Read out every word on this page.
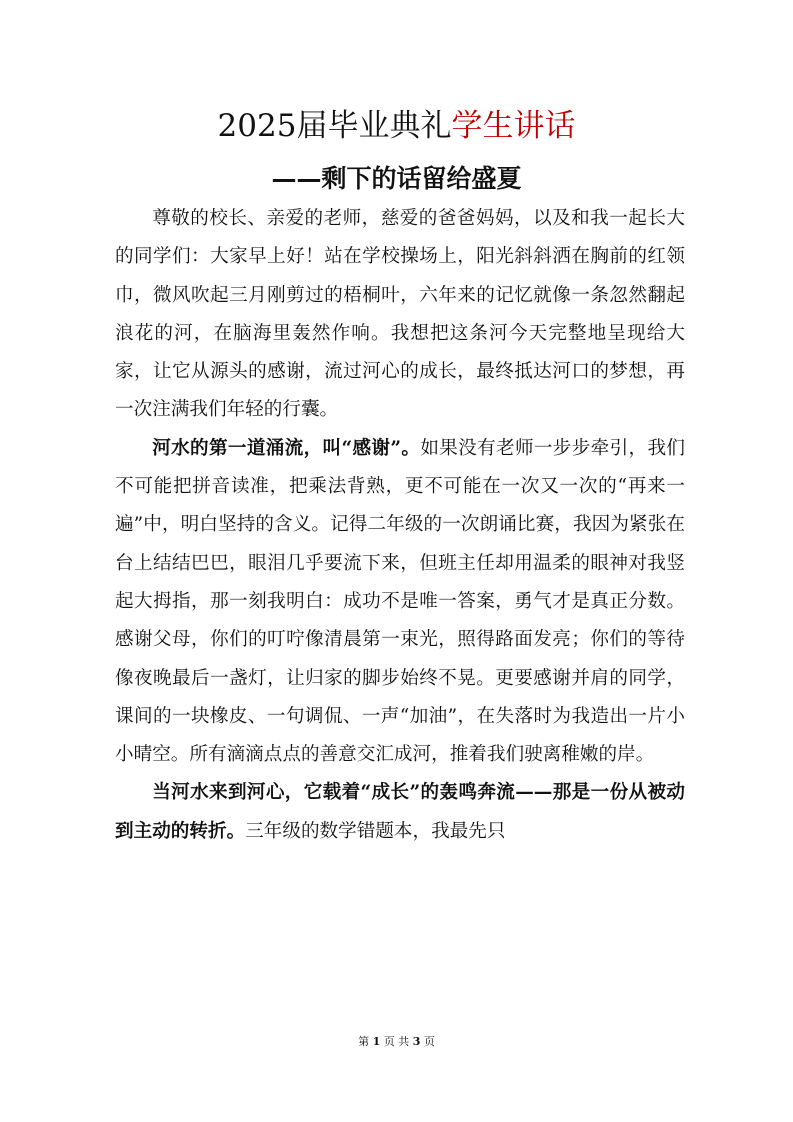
2025届毕业典礼学生讲话
——剩下的话留给盛夏

尊敬的校长、亲爱的老师，慈爱的爸爸妈妈，以及和我一起长大的同学们：大家早上好！站在学校操场上，阳光斜斜洒在胸前的红领巾，微风吹起三月刚剪过的梧桐叶，六年来的记忆就像一条忽然翻起浪花的河，在脑海里轰然作响。我想把这条河今天完整地呈现给大家，让它从源头的感谢，流过河心的成长，最终抵达河口的梦想，再一次注满我们年轻的行囊。

河水的第一道涌流，叫“感谢”。如果没有老师一步步牵引，我们不可能把拼音读准，把乘法背熟，更不可能在一次又一次的“再来一遍”中，明白坚持的含义。记得二年级的一次朗诵比赛，我因为紧张在台上结结巴巴，眼泪几乎要流下来，但班主任却用温柔的眼神对我竖起大拇指，那一刻我明白：成功不是唯一答案，勇气才是真正分数。感谢父母，你们的叮咛像清晨第一束光，照得路面发亮；你们的等待像夜晚最后一盏灯，让归家的脚步始终不晃。更要感谢并肩的同学，课间的一块橡皮、一句调侃、一声“加油”，在失落时为我造出一片小小晴空。所有滴滴点点的善意交汇成河，推着我们驶离稚嫩的岸。

当河水来到河心，它载着“成长”的轰鸣奔流——那是一份从被动到主动的转折。三年级的数学错题本，我最先只

第 1 页 共 3 页
